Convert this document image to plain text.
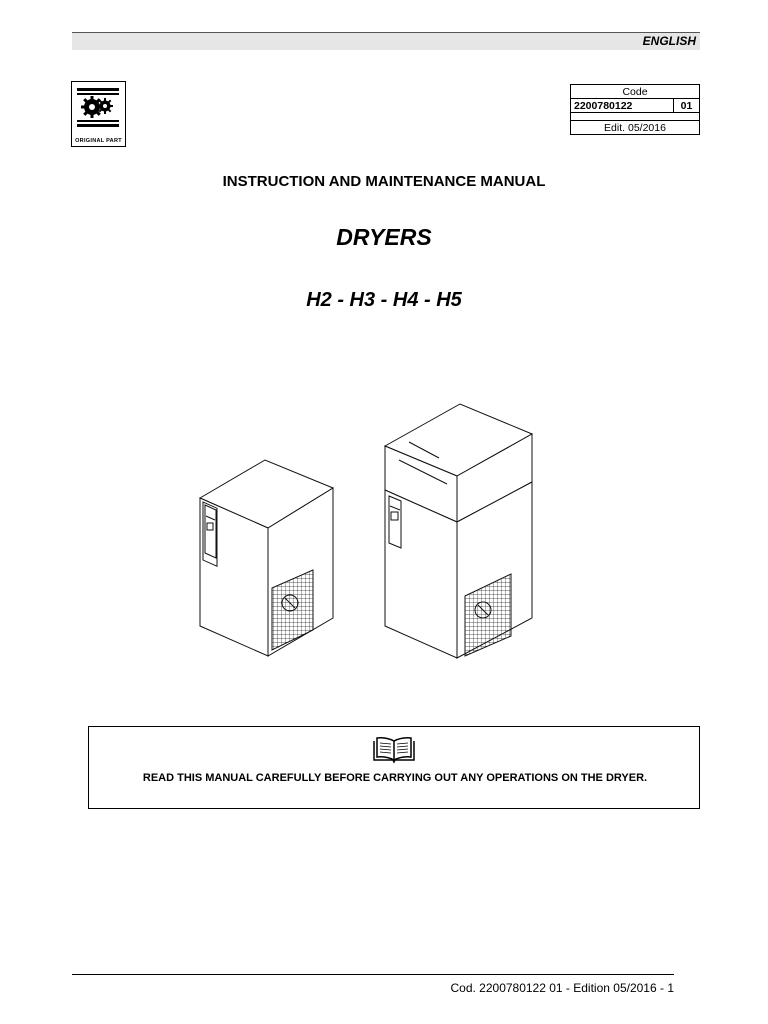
ENGLISH
ORIGINAL PART
Code
2200780122	01

Edit. 05/2016
INSTRUCTION AND MAINTENANCE MANUAL
DRYERS
H2 - H3 - H4 - H5

READ THIS MANUAL CAREFULLY BEFORE CARRYING OUT ANY OPERATIONS ON THE DRYER.

Cod. 2200780122 01 - Edition 05/2016 - 1
